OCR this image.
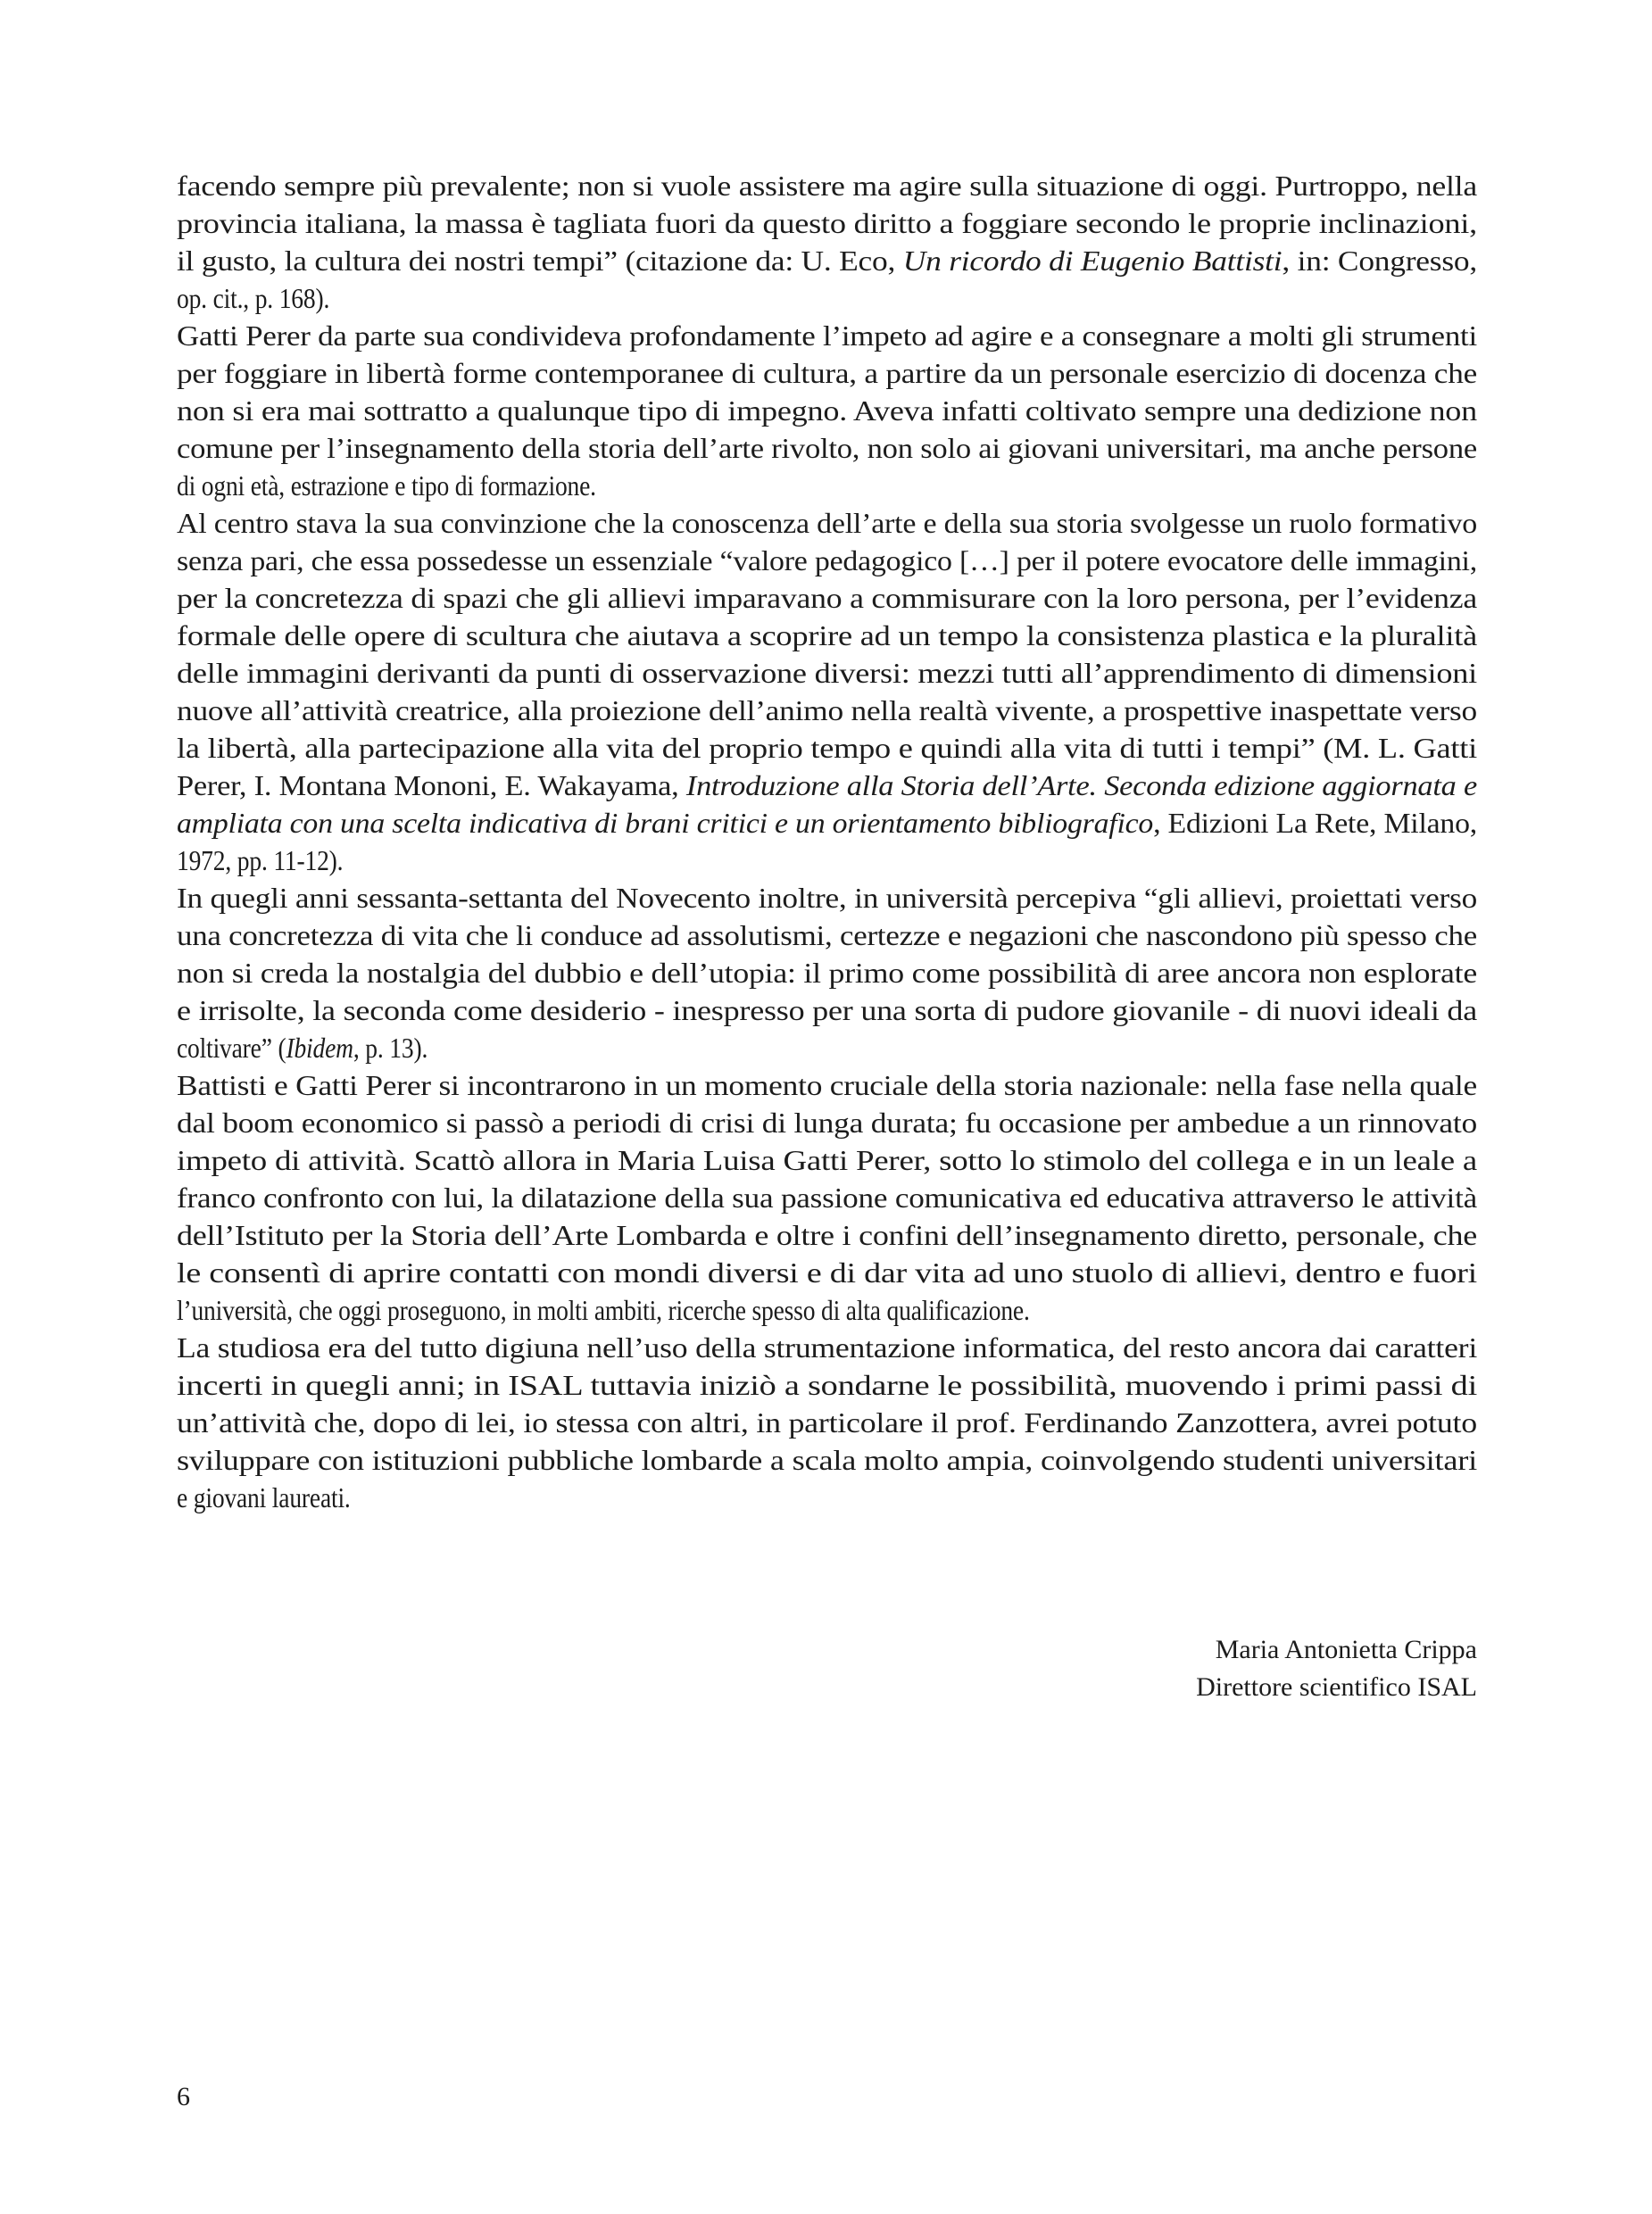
facendo sempre più prevalente; non si vuole assistere ma agire sulla situazione di oggi. Purtroppo, nella
provincia italiana, la massa è tagliata fuori da questo diritto a foggiare secondo le proprie inclinazioni,
il gusto, la cultura dei nostri tempi” (citazione da: U. Eco, Un ricordo di Eugenio Battisti, in: Congresso,
op. cit., p. 168).
Gatti Perer da parte sua condivideva profondamente l’impeto ad agire e a consegnare a molti gli strumenti
per foggiare in libertà forme contemporanee di cultura, a partire da un personale esercizio di docenza che
non si era mai sottratto a qualunque tipo di impegno. Aveva infatti coltivato sempre una dedizione non
comune per l’insegnamento della storia dell’arte rivolto, non solo ai giovani universitari, ma anche persone
di ogni età, estrazione e tipo di formazione.
Al centro stava la sua convinzione che la conoscenza dell’arte e della sua storia svolgesse un ruolo formativo
senza pari, che essa possedesse un essenziale “valore pedagogico […] per il potere evocatore delle immagini,
per la concretezza di spazi che gli allievi imparavano a commisurare con la loro persona, per l’evidenza
formale delle opere di scultura che aiutava a scoprire ad un tempo la consistenza plastica e la pluralità
delle immagini derivanti da punti di osservazione diversi: mezzi tutti all’apprendimento di dimensioni
nuove all’attività creatrice, alla proiezione dell’animo nella realtà vivente, a prospettive inaspettate verso
la libertà, alla partecipazione alla vita del proprio tempo e quindi alla vita di tutti i tempi” (M. L. Gatti
Perer, I. Montana Mononi, E. Wakayama, Introduzione alla Storia dell’Arte. Seconda edizione aggiornata e
ampliata con una scelta indicativa di brani critici e un orientamento bibliografico, Edizioni La Rete, Milano,
1972, pp. 11-12).
In quegli anni sessanta-settanta del Novecento inoltre, in università percepiva “gli allievi, proiettati verso
una concretezza di vita che li conduce ad assolutismi, certezze e negazioni che nascondono più spesso che
non si creda la nostalgia del dubbio e dell’utopia: il primo come possibilità di aree ancora non esplorate
e irrisolte, la seconda come desiderio - inespresso per una sorta di pudore giovanile - di nuovi ideali da
coltivare” (Ibidem, p. 13).
Battisti e Gatti Perer si incontrarono in un momento cruciale della storia nazionale: nella fase nella quale
dal boom economico si passò a periodi di crisi di lunga durata; fu occasione per ambedue a un rinnovato
impeto di attività. Scattò allora in Maria Luisa Gatti Perer, sotto lo stimolo del collega e in un leale a
franco confronto con lui, la dilatazione della sua passione comunicativa ed educativa attraverso le attività
dell’Istituto per la Storia dell’Arte Lombarda e oltre i confini dell’insegnamento diretto, personale, che
le consentì di aprire contatti con mondi diversi e di dar vita ad uno stuolo di allievi, dentro e fuori
l’università, che oggi proseguono, in molti ambiti, ricerche spesso di alta qualificazione.
La studiosa era del tutto digiuna nell’uso della strumentazione informatica, del resto ancora dai caratteri
incerti in quegli anni; in ISAL tuttavia iniziò a sondarne le possibilità, muovendo i primi passi di
un’attività che, dopo di lei, io stessa con altri, in particolare il prof. Ferdinando Zanzottera, avrei potuto
sviluppare con istituzioni pubbliche lombarde a scala molto ampia, coinvolgendo studenti universitari
e giovani laureati.
Maria Antonietta Crippa
Direttore scientifico ISAL
6
